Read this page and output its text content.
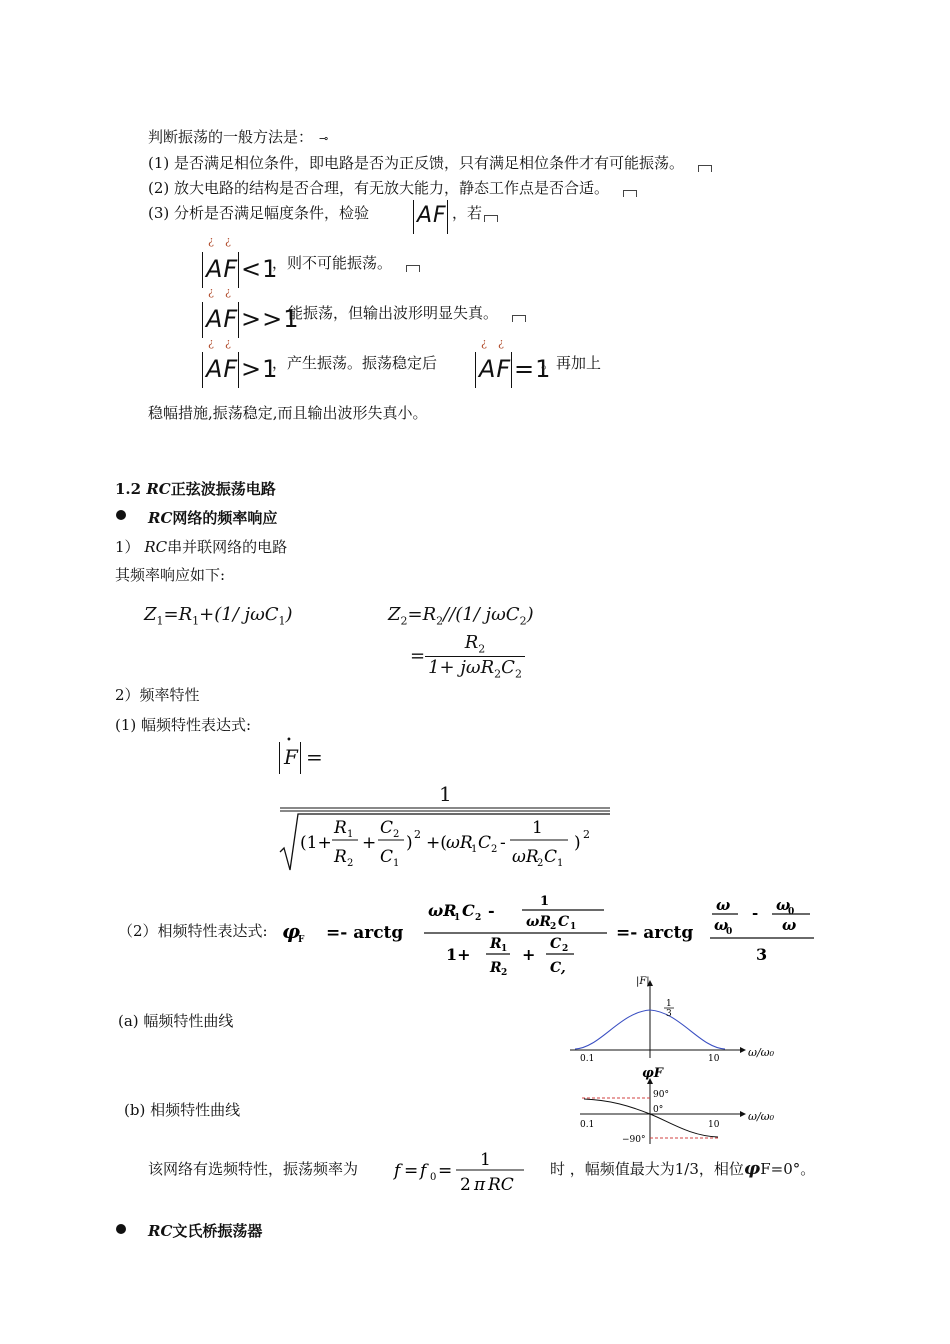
判断振荡的一般方法是： ⊸
(1) 是否满足相位条件，即电路是否为正反馈，只有满足相位条件才有可能振荡。
(2) 放大电路的结构是否合理，有无放大能力，静态工作点是否合适。
(3) 分析是否满足幅度条件，检验 AF ，若
¿ ¿
AF <1
，则不可能振荡。
¿ ¿
AF >>1
能振荡，但输出波形明显失真。
¿ ¿
AF >1
，产生振荡。振荡稳定后
¿ ¿
AF =1
。再加上
稳幅措施,振荡稳定,而且输出波形失真小。
1.2 RC正弦波振荡电路
RC网络的频率响应
1） RC串并联网络的电路
其频率响应如下:
$Z_1=R_1+(1/$ jωC$_1$)	$Z_2=R_2//(1/$ jωC$_2$)
= $\frac{R_2}{1+ j\omega R_2C_2}$
2）频率特性
(1) 幅频特性表达式:
F
•
=
1
(1+
R 1
R 2
+
C 2
C 1
) 2 +( ωR
1 C 2 -
1
ωR
2 C 1
) 2
（2）相频特性表达式: φ
F =- arctg
ωR
1 C 2 -	1
ωR 2 C 1
1+
R 1
R 2
+
C 2
C,
=- arctg
ω
ω
0
- ω
0
ω
3
(a) 幅频特性曲线
(b) 相频特性曲线
|F|
1
3
0.1	10	ω/ω₀
φF
90°
0°
−90°
0.1	10
ω/ω₀
该网络有选频特性，振荡频率为 f = f 0 =
1
2 π RC
时 ，幅频值最大为1/3，相位φF=0°。
RC文氏桥振荡器
